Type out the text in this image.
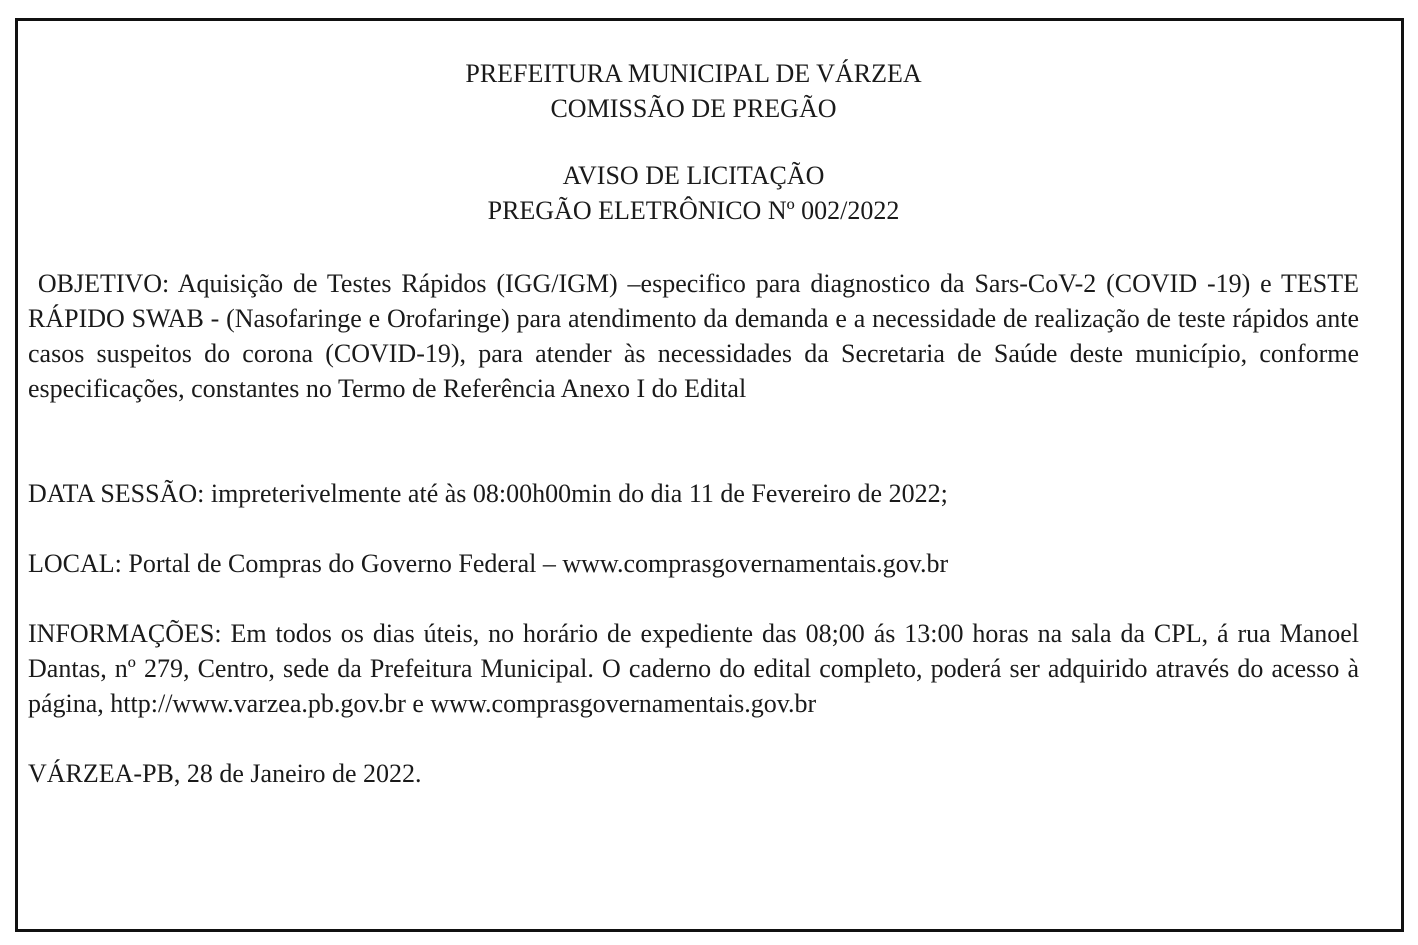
PREFEITURA MUNICIPAL DE VÁRZEA

COMISSÃO DE PREGÃO

AVISO DE LICITAÇÃO

PREGÃO ELETRÔNICO Nº 002/2022

OBJETIVO: Aquisição de Testes Rápidos (IGG/IGM) –especifico para diagnostico da Sars-CoV-2 (COVID -19) e TESTE RÁPIDO SWAB - (Nasofaringe e Orofaringe) para atendimento da demanda e a necessidade de realização de teste rápidos ante casos suspeitos do corona (COVID-19), para atender às necessidades da Secretaria de Saúde deste município, conforme especificações, constantes no Termo de Referência Anexo I do Edital

DATA SESSÃO: impreterivelmente até às 08:00h00min do dia 11 de Fevereiro de 2022;

LOCAL: Portal de Compras do Governo Federal – www.comprasgovernamentais.gov.br

INFORMAÇÕES: Em todos os dias úteis, no horário de expediente das 08;00 ás 13:00 horas na sala da CPL, á rua Manoel Dantas, nº 279, Centro, sede da Prefeitura Municipal. O caderno do edital completo, poderá ser adquirido através do acesso à página, http://www.varzea.pb.gov.br e www.comprasgovernamentais.gov.br

VÁRZEA-PB, 28 de Janeiro de 2022.
